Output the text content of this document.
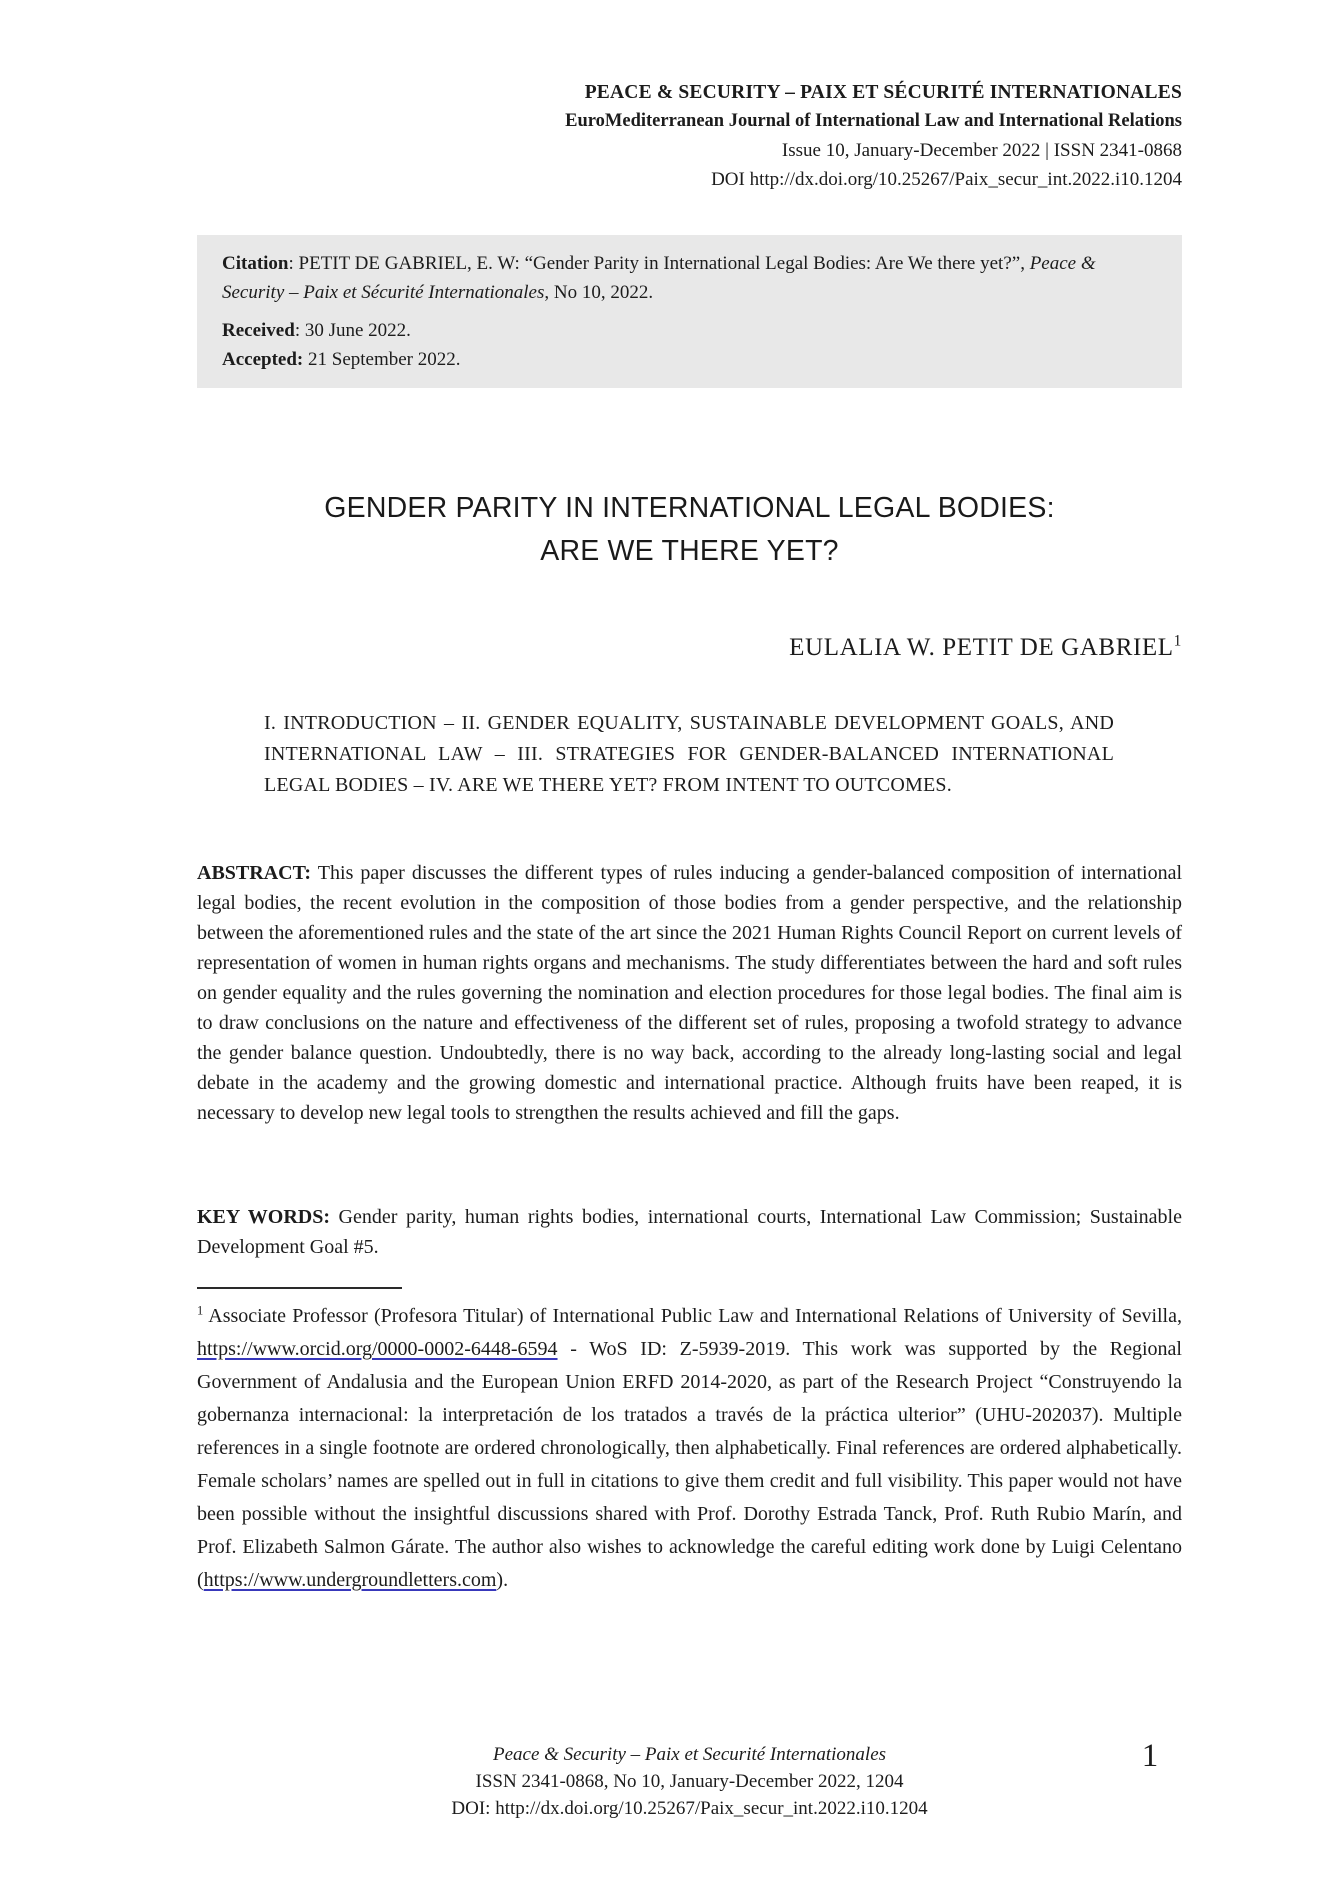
PEACE & SECURITY – PAIX ET SÉCURITÉ INTERNATIONALES
EuroMediterranean Journal of International Law and International Relations
Issue 10, January-December 2022 | ISSN 2341-0868
DOI http://dx.doi.org/10.25267/Paix_secur_int.2022.i10.1204

Citation: PETIT DE GABRIEL, E. W: “Gender Parity in International Legal Bodies: Are We there yet?”, Peace & Security – Paix et Sécurité Internationales, No 10, 2022.

Received: 30 June 2022.

Accepted: 21 September 2022.

GENDER PARITY IN INTERNATIONAL LEGAL BODIES:
ARE WE THERE YET?
EULALIA W. PETIT DE GABRIEL$^1$
I. INTRODUCTION – II. GENDER EQUALITY, SUSTAINABLE DEVELOPMENT GOALS, AND INTERNATIONAL LAW – III. STRATEGIES FOR GENDER-BALANCED INTERNATIONAL LEGAL BODIES – IV. ARE WE THERE YET? FROM INTENT TO OUTCOMES.

ABSTRACT: This paper discusses the different types of rules inducing a gender-balanced composition of international legal bodies, the recent evolution in the composition of those bodies from a gender perspective, and the relationship between the aforementioned rules and the state of the art since the 2021 Human Rights Council Report on current levels of representation of women in human rights organs and mechanisms. The study differentiates between the hard and soft rules on gender equality and the rules governing the nomination and election procedures for those legal bodies. The final aim is to draw conclusions on the nature and effectiveness of the different set of rules, proposing a twofold strategy to advance the gender balance question. Undoubtedly, there is no way back, according to the already long-lasting social and legal debate in the academy and the growing domestic and international practice. Although fruits have been reaped, it is necessary to develop new legal tools to strengthen the results achieved and fill the gaps.

KEY WORDS: Gender parity, human rights bodies, international courts, International Law Commission; Sustainable Development Goal #5.

$^1$ Associate Professor (Profesora Titular) of International Public Law and International Relations of University of Sevilla, https://www.orcid.org/0000-0002-6448-6594 - WoS ID: Z-5939-2019. This work was supported by the Regional Government of Andalusia and the European Union ERFD 2014-2020, as part of the Research Project “Construyendo la gobernanza internacional: la interpretación de los tratados a través de la práctica ulterior” (UHU-202037). Multiple references in a single footnote are ordered chronologically, then alphabetically. Final references are ordered alphabetically. Female scholars’ names are spelled out in full in citations to give them credit and full visibility. This paper would not have been possible without the insightful discussions shared with Prof. Dorothy Estrada Tanck, Prof. Ruth Rubio Marín, and Prof. Elizabeth Salmon Gárate. The author also wishes to acknowledge the careful editing work done by Luigi Celentano (https://www.undergroundletters.com).

Peace & Security – Paix et Securité Internationales
ISSN 2341-0868, No 10, January-December 2022, 1204
DOI: http://dx.doi.org/10.25267/Paix_secur_int.2022.i10.1204
1
